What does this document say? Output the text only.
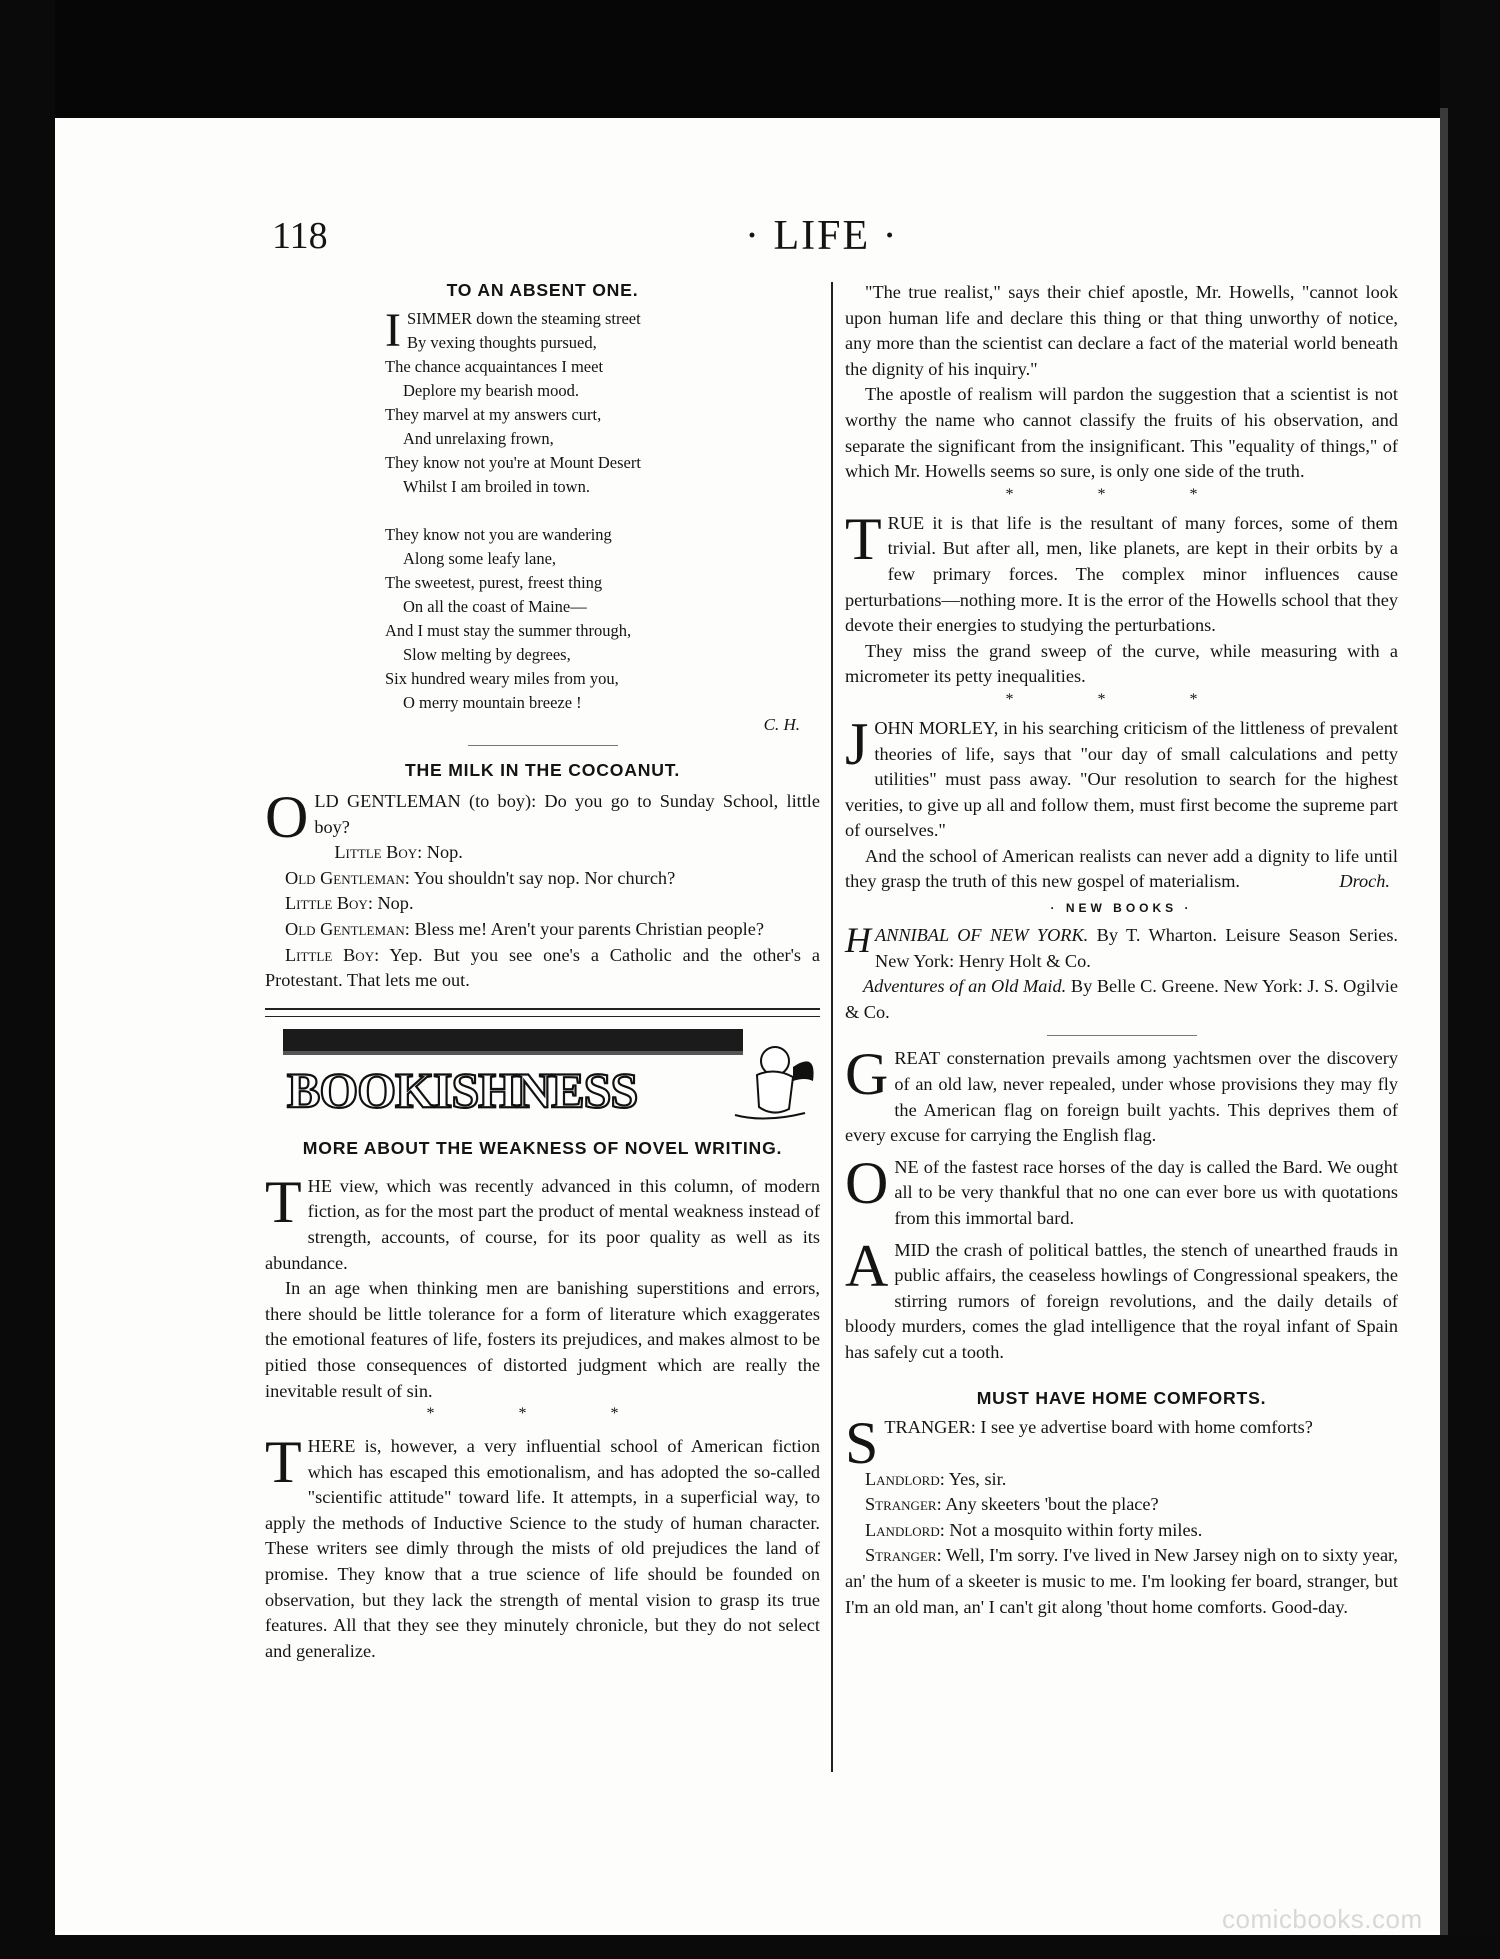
118	· LIFE ·
TO AN ABSENT ONE.
I SIMMER down the steaming street
By vexing thoughts pursued,
The chance acquaintances I meet
Deplore my bearish mood.
They marvel at my answers curt,
And unrelaxing frown,
They know not you're at Mount Desert
Whilst I am broiled in town.
They know not you are wandering
Along some leafy lane,
The sweetest, purest, freest thing
On all the coast of Maine—
And I must stay the summer through,
Slow melting by degrees,
Six hundred weary miles from you,
O merry mountain breeze !
C. H.
THE MILK IN THE COCOANUT.

OLD GENTLEMAN (to boy): Do you go to Sunday School, little boy?

Little Boy: Nop.

Old Gentleman: You shouldn't say nop. Nor church?

Little Boy: Nop.

Old Gentleman: Bless me! Aren't your parents Christian people?

Little Boy: Yep. But you see one's a Catholic and the other's a Protestant. That lets me out.

BOOKISHNESS
MORE ABOUT THE WEAKNESS OF NOVEL WRITING.

THE view, which was recently advanced in this column, of modern fiction, as for the most part the product of mental weakness instead of strength, accounts, of course, for its poor quality as well as its abundance.

In an age when thinking men are banishing superstitions and errors, there should be little tolerance for a form of literature which exaggerates the emotional features of life, fosters its prejudices, and makes almost to be pitied those consequences of distorted judgment which are really the inevitable result of sin.

* * *

THERE is, however, a very influential school of American fiction which has escaped this emotionalism, and has adopted the so-called "scientific attitude" toward life. It attempts, in a superficial way, to apply the methods of Inductive Science to the study of human character. These writers see dimly through the mists of old prejudices the land of promise. They know that a true science of life should be founded on observation, but they lack the strength of mental vision to grasp its true features. All that they see they minutely chronicle, but they do not select and generalize.

"The true realist," says their chief apostle, Mr. Howells, "cannot look upon human life and declare this thing or that thing unworthy of notice, any more than the scientist can declare a fact of the material world beneath the dignity of his inquiry."

The apostle of realism will pardon the suggestion that a scientist is not worthy the name who cannot classify the fruits of his observation, and separate the significant from the insignificant. This "equality of things," of which Mr. Howells seems so sure, is only one side of the truth.

* * *

TRUE it is that life is the resultant of many forces, some of them trivial. But after all, men, like planets, are kept in their orbits by a few primary forces. The complex minor influences cause perturbations—nothing more. It is the error of the Howells school that they devote their energies to studying the perturbations.

They miss the grand sweep of the curve, while measuring with a micrometer its petty inequalities.

* * *

JOHN MORLEY, in his searching criticism of the littleness of prevalent theories of life, says that "our day of small calculations and petty utilities" must pass away. "Our resolution to search for the highest verities, to give up all and follow them, must first become the supreme part of ourselves."

And the school of American realists can never add a dignity to life until they grasp the truth of this new gospel of materialism.	Droch.

· NEW BOOKS ·

HANNIBAL OF NEW YORK. By T. Wharton. Leisure Season Series. New York: Henry Holt & Co.

Adventures of an Old Maid. By Belle C. Greene. New York: J. S. Ogilvie & Co.

GREAT consternation prevails among yachtsmen over the discovery of an old law, never repealed, under whose provisions they may fly the American flag on foreign built yachts. This deprives them of every excuse for carrying the English flag.

ONE of the fastest race horses of the day is called the Bard. We ought all to be very thankful that no one can ever bore us with quotations from this immortal bard.

AMID the crash of political battles, the stench of unearthed frauds in public affairs, the ceaseless howlings of Congressional speakers, the stirring rumors of foreign revolutions, and the daily details of bloody murders, comes the glad intelligence that the royal infant of Spain has safely cut a tooth.

MUST HAVE HOME COMFORTS.

STRANGER: I see ye advertise board with home comforts?

Landlord: Yes, sir.

Stranger: Any skeeters 'bout the place?

Landlord: Not a mosquito within forty miles.

Stranger: Well, I'm sorry. I've lived in New Jarsey nigh on to sixty year, an' the hum of a skeeter is music to me. I'm looking fer board, stranger, but I'm an old man, an' I can't git along 'thout home comforts. Good-day.

comicbooks.com
